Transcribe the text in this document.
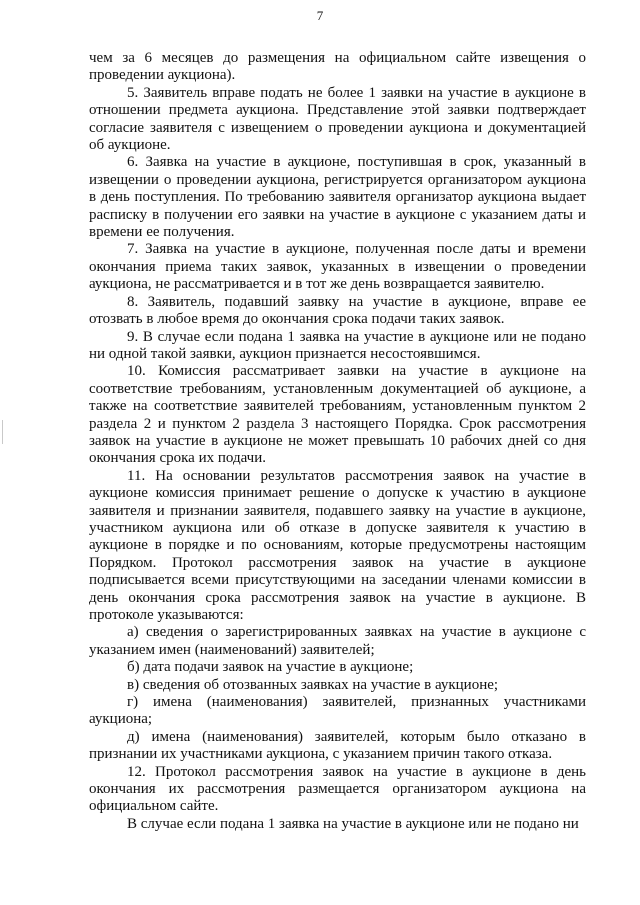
7

чем за 6 месяцев до размещения на официальном сайте извещения о проведении аукциона).

5. Заявитель вправе подать не более 1 заявки на участие в аукционе в отношении предмета аукциона. Представление этой заявки подтверждает согласие заявителя с извещением о проведении аукциона и документацией об аукционе.

6. Заявка на участие в аукционе, поступившая в срок, указанный в извещении о проведении аукциона, регистрируется организатором аукциона в день поступления. По требованию заявителя организатор аукциона выдает расписку в получении его заявки на участие в аукционе с указанием даты и времени ее получения.

7. Заявка на участие в аукционе, полученная после даты и времени окончания приема таких заявок, указанных в извещении о проведении аукциона, не рассматривается и в тот же день возвращается заявителю.

8. Заявитель, подавший заявку на участие в аукционе, вправе ее отозвать в любое время до окончания срока подачи таких заявок.

9. В случае если подана 1 заявка на участие в аукционе или не подано ни одной такой заявки, аукцион признается несостоявшимся.

10. Комиссия рассматривает заявки на участие в аукционе на соответствие требованиям, установленным документацией об аукционе, а также на соответствие заявителей требованиям, установленным пунктом 2 раздела 2 и пунктом 2 раздела 3 настоящего Порядка. Срок рассмотрения заявок на участие в аукционе не может превышать 10 рабочих дней со дня окончания срока их подачи.

11. На основании результатов рассмотрения заявок на участие в аукционе комиссия принимает решение о допуске к участию в аукционе заявителя и признании заявителя, подавшего заявку на участие в аукционе, участником аукциона или об отказе в допуске заявителя к участию в аукционе в порядке и по основаниям, которые предусмотрены настоящим Порядком. Протокол рассмотрения заявок на участие в аукционе подписывается всеми присутствующими на заседании членами комиссии в день окончания срока рассмотрения заявок на участие в аукционе. В протоколе указываются:

а) сведения о зарегистрированных заявках на участие в аукционе с указанием имен (наименований) заявителей;

б) дата подачи заявок на участие в аукционе;

в) сведения об отозванных заявках на участие в аукционе;

г) имена (наименования) заявителей, признанных участниками аукциона;

д) имена (наименования) заявителей, которым было отказано в признании их участниками аукциона, с указанием причин такого отказа.

12. Протокол рассмотрения заявок на участие в аукционе в день окончания их рассмотрения размещается организатором аукциона на официальном сайте.

В случае если подана 1 заявка на участие в аукционе или не подано ни
